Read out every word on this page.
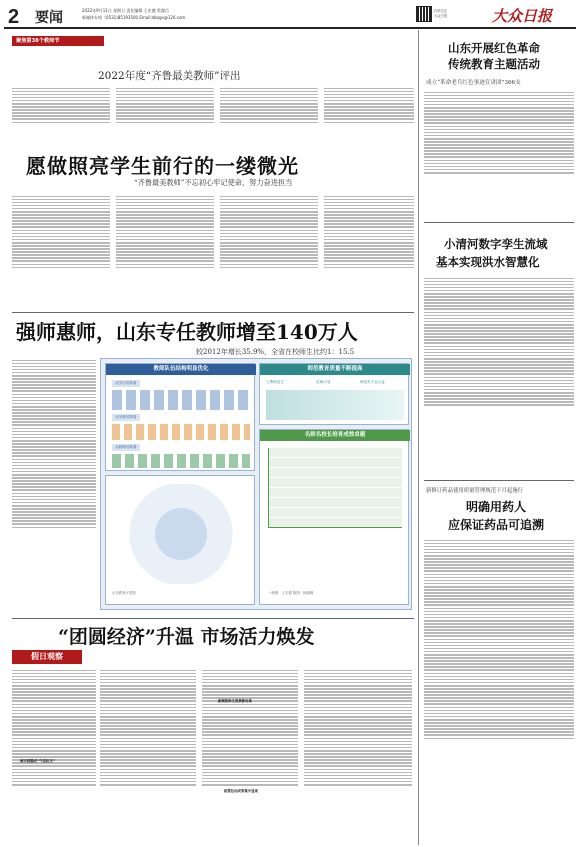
2 要闻	2022年9月11日 星期日 责任编辑 王宏德 常露巧
新媒体专线（0531)85193500 Email:dbsgx@126.com
扫码关注
大众日报	大众日报
聚焦第38个教师节
2022年度“齐鲁最美教师”评出
愿做照亮学生前行的一缕微光
“齐鲁最美教师”不忘初心牢记使命，努力奋进担当
强师惠师，山东专任教师增至140万人
较2012年增长35.9%，全省在校师生比约1：15.5
教师队伍结构明显优化
从学历结构看
从年龄结构看
从职称结构看
师范教育质量不断提高
公费师范生	优师计划	师范类专业认证
名师名校长培育成效卓越
一制图：王宏德 制图：杨晓琳
山东教育厅供图
“团圆经济”升温 市场活力焕发
假日观察
城市商圈成“气氛担当”
新潮派推生消费新场景
政策拉动成果集中显现
山东开展红色革命
传统教育主题活动
成立“革命老兵红色事迹宣讲团”366支
小清河数字孪生流域
基本实现洪水智慧化
新修订药品使用质量管理规范下月起施行
明确用药人
应保证药品可追溯
